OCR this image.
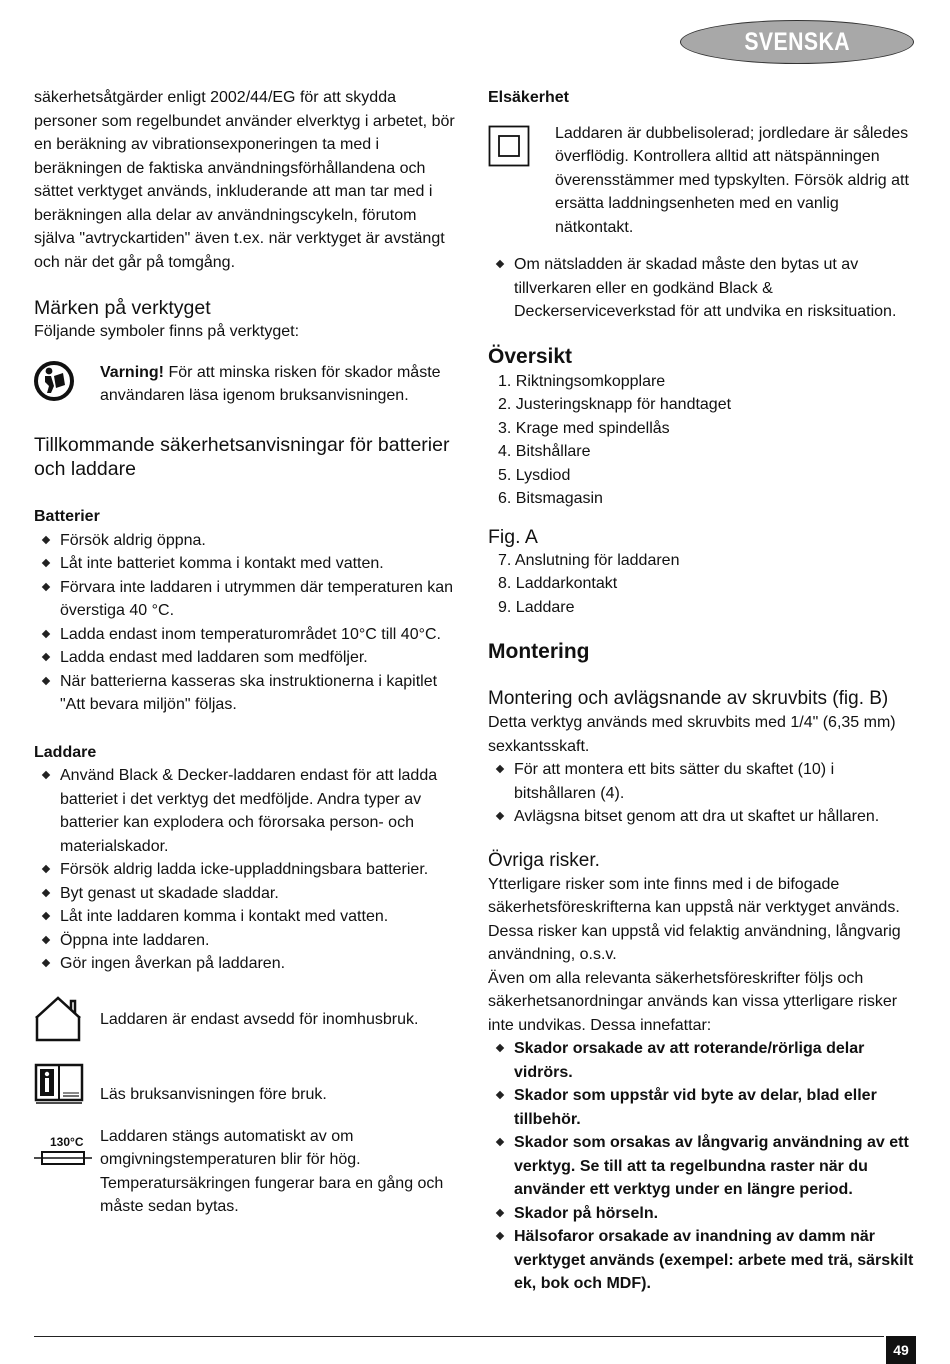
SVENSKA

säkerhetsåtgärder enligt 2002/44/EG för att skydda personer som regelbundet använder elverktyg i arbetet, bör en beräkning av vibrationsexponeringen ta med i beräkningen de faktiska användningsförhållandena och sättet verktyget används, inkluderande att man tar med i beräkningen alla delar av användningscykeln, förutom själva "avtryckartiden" även t.ex. när verktyget är avstängt och när det går på tomgång.

Märken på verktyget

Följande symboler finns på verktyget:

Varning! För att minska risken för skador måste användaren läsa igenom bruksanvisningen.

Tillkommande säkerhetsanvisningar för batterier och laddare
Batterier
Försök aldrig öppna.
Låt inte batteriet komma i kontakt med vatten.
Förvara inte laddaren i utrymmen där temperaturen kan överstiga 40 °C.
Ladda endast inom temperaturområdet 10°C till 40°C.
Ladda endast med laddaren som medföljer.
När batterierna kasseras ska instruktionerna i kapitlet "Att bevara miljön" följas.
Laddare
Använd Black & Decker-laddaren endast för att ladda batteriet i det verktyg det medföljde. Andra typer av batterier kan explodera och förorsaka person- och materialskador.
Försök aldrig ladda icke-uppladdningsbara batterier.
Byt genast ut skadade sladdar.
Låt inte laddaren komma i kontakt med vatten.
Öppna inte laddaren.
Gör ingen åverkan på laddaren.

Laddaren är endast avsedd för inomhusbruk.

Läs bruksanvisningen före bruk.

130°C	Laddaren stängs automatiskt av om omgivningstemperaturen blir för hög. Temperatursäkringen fungerar bara en gång och måste sedan bytas.

Elsäkerhet

Laddaren är dubbelisolerad; jordledare är således överflödig. Kontrollera alltid att nätspänningen överensstämmer med typskylten. Försök aldrig att ersätta laddningsenheten med en vanlig nätkontakt.

Om nätsladden är skadad måste den bytas ut av tillverkaren eller en godkänd Black & Deckerserviceverkstad för att undvika en risksituation.
Översikt
1. Riktningsomkopplare
2. Justeringsknapp för handtaget
3. Krage med spindellås
4. Bitshållare
5. Lysdiod
6. Bitsmagasin
Fig. A
7. Anslutning för laddaren
8. Laddarkontakt
9. Laddare
Montering
Montering och avlägsnande av skruvbits (fig. B)

Detta verktyg används med skruvbits med 1/4" (6,35 mm) sexkantsskaft.

För att montera ett bits sätter du skaftet (10) i bitshållaren (4).
Avlägsna bitset genom att dra ut skaftet ur hållaren.
Övriga risker.

Ytterligare risker som inte finns med i de bifogade säkerhetsföreskrifterna kan uppstå när verktyget används. Dessa risker kan uppstå vid felaktig användning, långvarig användning, o.s.v.

Även om alla relevanta säkerhetsföreskrifter följs och säkerhetsanordningar används kan vissa ytterligare risker inte undvikas. Dessa innefattar:

Skador orsakade av att roterande/rörliga delar vidrörs.
Skador som uppstår vid byte av delar, blad eller tillbehör.
Skador som orsakas av långvarig användning av ett verktyg. Se till att ta regelbundna raster när du använder ett verktyg under en längre period.
Skador på hörseln.
Hälsofaror orsakade av inandning av damm när verktyget används (exempel: arbete med trä, särskilt ek, bok och MDF).
49
